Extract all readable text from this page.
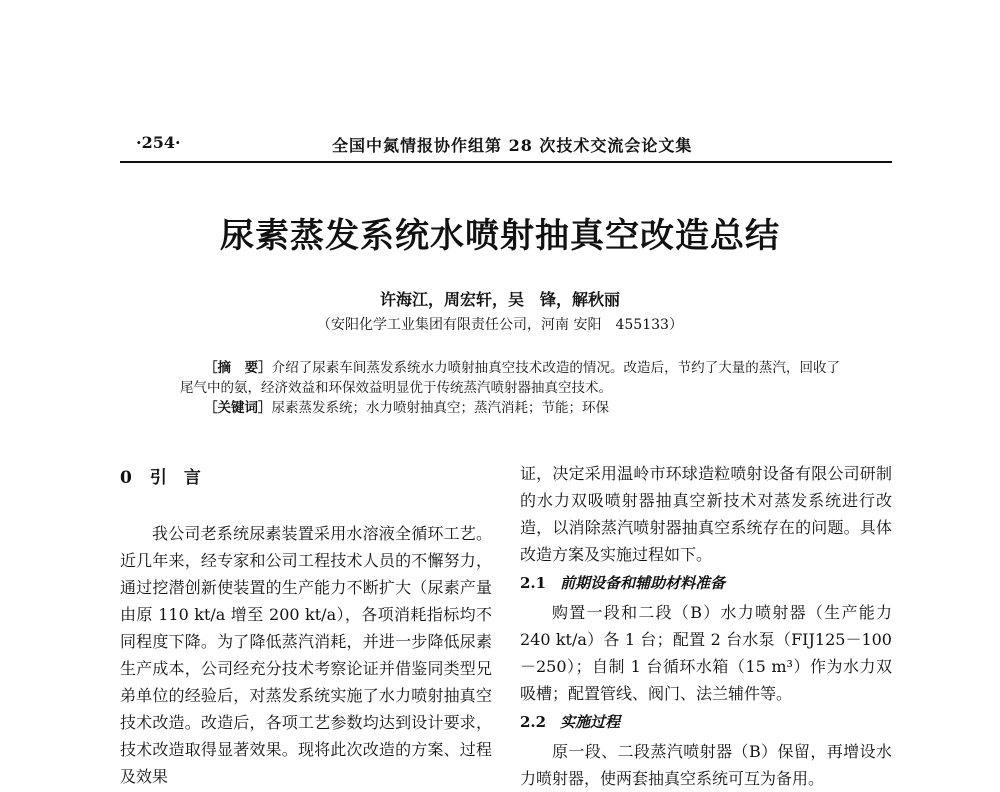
·254·	全国中氮情报协作组第 28 次技术交流会论文集
尿素蒸发系统水喷射抽真空改造总结
许海江，周宏轩，吴　锋，解秋丽
（安阳化学工业集团有限责任公司，河南 安阳　455133）

［摘　要］介绍了尿素车间蒸发系统水力喷射抽真空技术改造的情况。改造后，节约了大量的蒸汽，回收了尾气中的氨，经济效益和环保效益明显优于传统蒸汽喷射器抽真空技术。

［关键词］尿素蒸发系统；水力喷射抽真空；蒸汽消耗；节能；环保

0 引　言

我公司老系统尿素装置采用水溶液全循环工艺。近几年来，经专家和公司工程技术人员的不懈努力，通过挖潜创新使装置的生产能力不断扩大（尿素产量由原 110 kt/a 增至 200 kt/a），各项消耗指标均不同程度下降。为了降低蒸汽消耗，并进一步降低尿素生产成本，公司经充分技术考察论证并借鉴同类型兄弟单位的经验后，对蒸发系统实施了水力喷射抽真空技术改造。改造后，各项工艺参数均达到设计要求，技术改造取得显著效果。现将此次改造的方案、过程及效果

证，决定采用温岭市环球造粒喷射设备有限公司研制的水力双吸喷射器抽真空新技术对蒸发系统进行改造，以消除蒸汽喷射器抽真空系统存在的问题。具体改造方案及实施过程如下。

2.1 前期设备和辅助材料准备

购置一段和二段（B）水力喷射器（生产能力 240 kt/a）各 1 台；配置 2 台水泵（FIJ125－100－250）；自制 1 台循环水箱（15 m³）作为水力双吸槽；配置管线、阀门、法兰辅件等。

2.2 实施过程

原一段、二段蒸汽喷射器（B）保留，再增设水力喷射器，使两套抽真空系统可互为备用。
